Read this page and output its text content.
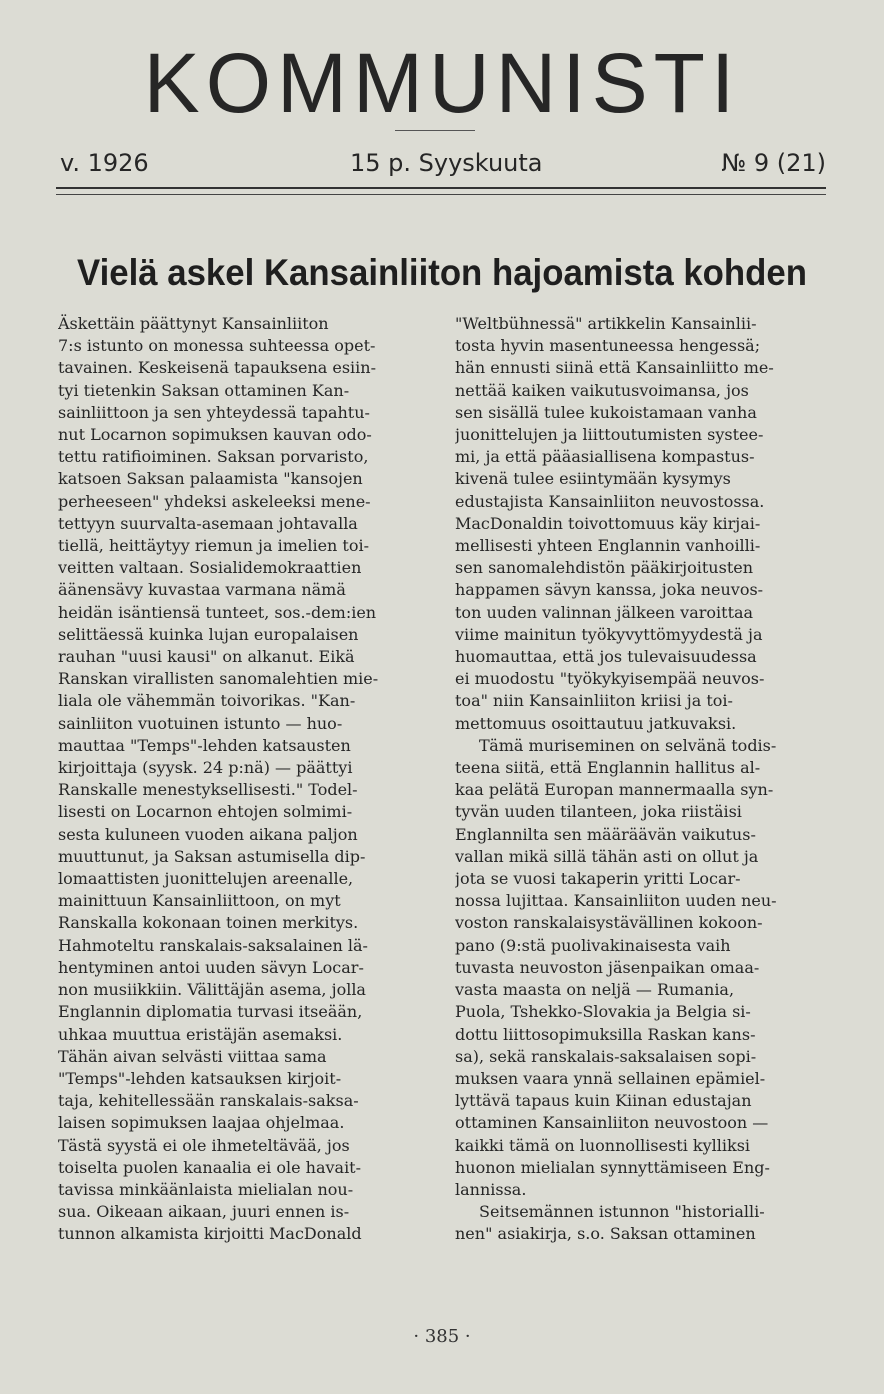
KOMMUNISTI
v. 1926	15 p. Syyskuuta	№ 9 (21)
Vielä askel Kansainliiton hajoamista kohden
Äskettäin päättynyt Kansainliiton
7:s istunto on monessa suhteessa opet-
tavainen. Keskeisenä tapauksena esiin-
tyi tietenkin Saksan ottaminen Kan-
sainliittoon ja sen yhteydessä tapahtu-
nut Locarnon sopimuksen kauvan odo-
tettu ratifioiminen. Saksan porvaristo,
katsoen Saksan palaamista "kansojen
perheeseen" yhdeksi askeleeksi mene-
tettyyn suurvalta-asemaan johtavalla
tiellä, heittäytyy riemun ja imelien toi-
veitten valtaan. Sosialidemokraattien
äänensävy kuvastaa varmana nämä
heidän isäntiensä tunteet, sos.-dem:ien
selittäessä kuinka lujan europalaisen
rauhan "uusi kausi" on alkanut. Eikä
Ranskan virallisten sanomalehtien mie-
liala ole vähemmän toivorikas. "Kan-
sainliiton vuotuinen istunto — huo-
mauttaa "Temps"-lehden katsausten
kirjoittaja (syysk. 24 p:nä) — päättyi
Ranskalle menestyksellisesti." Todel-
lisesti on Locarnon ehtojen solmimi-
sesta kuluneen vuoden aikana paljon
muuttunut, ja Saksan astumisella dip-
lomaattisten juonittelujen areenalle,
mainittuun Kansainliittoon, on myt
Ranskalla kokonaan toinen merkitys.
Hahmoteltu ranskalais-saksalainen lä-
hentyminen antoi uuden sävyn Locar-
non musiikkiin. Välittäjän asema, jolla
Englannin diplomatia turvasi itseään,
uhkaa muuttua eristäjän asemaksi.
Tähän aivan selvästi viittaa sama
"Temps"-lehden katsauksen kirjoit-
taja, kehitellessään ranskalais-saksa-
laisen sopimuksen laajaa ohjelmaa.
Tästä syystä ei ole ihmeteltävää, jos
toiselta puolen kanaalia ei ole havait-
tavissa minkäänlaista mielialan nou-
sua. Oikeaan aikaan, juuri ennen is-
tunnon alkamista kirjoitti MacDonald
"Weltbühnessä" artikkelin Kansainlii-
tosta hyvin masentuneessa hengessä;
hän ennusti siinä että Kansainliitto me-
nettää kaiken vaikutusvoimansa, jos
sen sisällä tulee kukoistamaan vanha
juonittelujen ja liittoutumisten systee-
mi, ja että pääasiallisena kompastus-
kivenä tulee esiintymään kysymys
edustajista Kansainliiton neuvostossa.
MacDonaldin toivottomuus käy kirjai-
mellisesti yhteen Englannin vanhoilli-
sen sanomalehdistön pääkirjoitusten
happamen sävyn kanssa, joka neuvos-
ton uuden valinnan jälkeen varoittaa
viime mainitun työkyvyttömyydestä ja
huomauttaa, että jos tulevaisuudessa
ei muodostu "työkykyisempää neuvos-
toa" niin Kansainliiton kriisi ja toi-
mettomuus osoittautuu jatkuvaksi.
Tämä muriseminen on selvänä todis-
teena siitä, että Englannin hallitus al-
kaa pelätä Europan mannermaalla syn-
tyvän uuden tilanteen, joka riistäisi
Englannilta sen määräävän vaikutus-
vallan mikä sillä tähän asti on ollut ja
jota se vuosi takaperin yritti Locar-
nossa lujittaa. Kansainliiton uuden neu-
voston ranskalaisystävällinen kokoon-
pano (9:stä puolivakinaisesta vaih
tuvasta neuvoston jäsenpaikan omaa-
vasta maasta on neljä — Rumania,
Puola, Tshekko-Slovakia ja Belgia si-
dottu liittosopimuksilla Raskan kans-
sa), sekä ranskalais-saksalaisen sopi-
muksen vaara ynnä sellainen epämiel-
lyttävä tapaus kuin Kiinan edustajan
ottaminen Kansainliiton neuvostoon —
kaikki tämä on luonnollisesti kylliksi
huonon mielialan synnyttämiseen Eng-
lannissa.
Seitsemännen istunnon "historialli-
nen" asiakirja, s.o. Saksan ottaminen
· 385 ·
